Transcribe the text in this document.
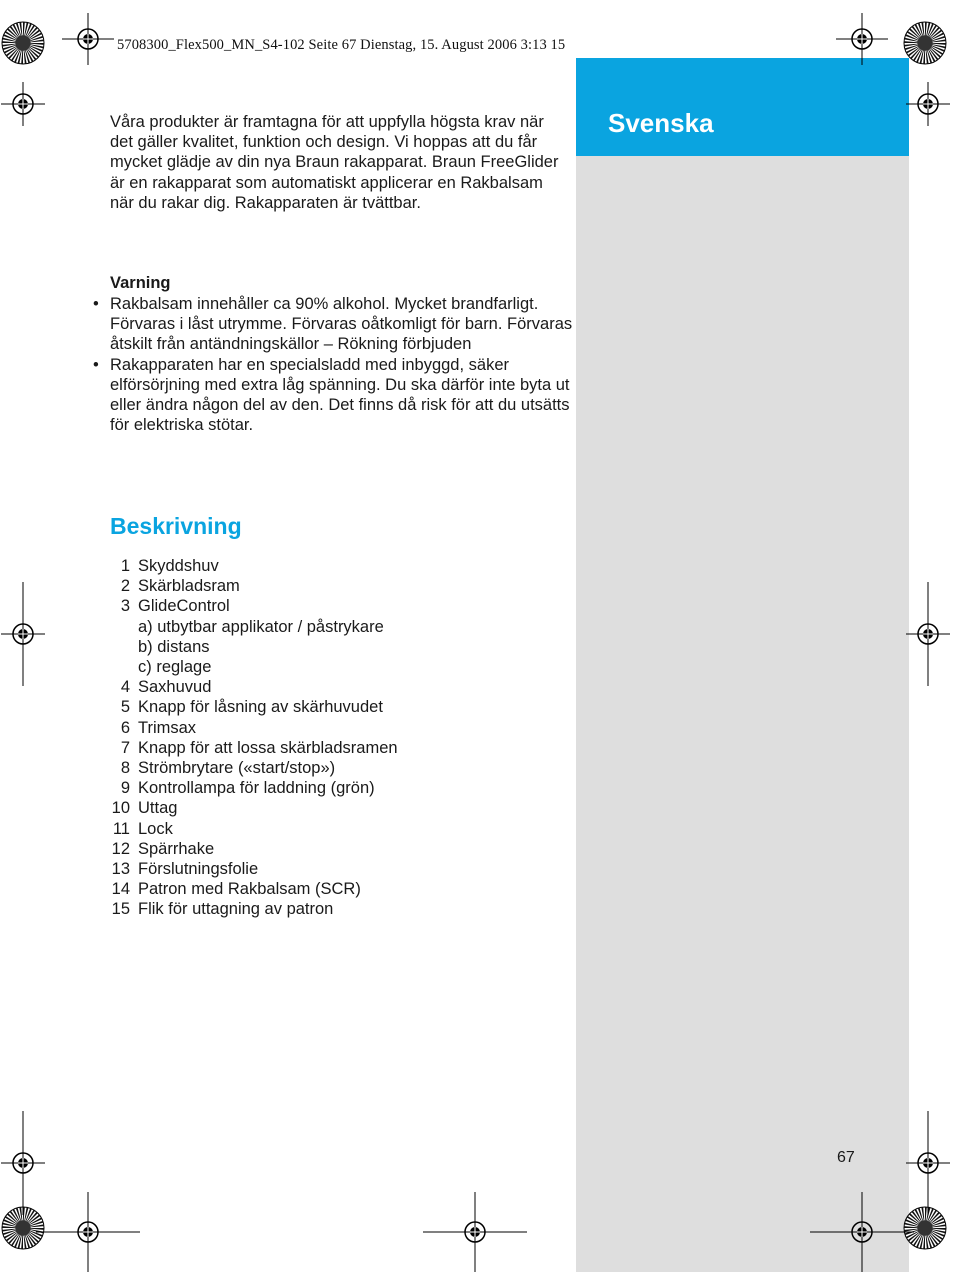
Svenska
5708300_Flex500_MN_S4-102 Seite 67 Dienstag, 15. August 2006 3:13 15

Våra produkter är framtagna för att uppfylla högsta krav när det gäller kvalitet, funktion och design. Vi hoppas att du får mycket glädje av din nya Braun rakapparat. Braun FreeGlider är en rakapparat som automatiskt applicerar en Rakbalsam när du rakar dig. Rakapparaten är tvättbar.

Varning
• Rakbalsam innehåller ca 90% alkohol. Mycket brandfarligt. Förvaras i låst utrymme. Förvaras oåtkomligt för barn. Förvaras åtskilt från antändningskällor – Rökning förbjuden
• Rakapparaten har en specialsladd med inbyggd, säker elförsörjning med extra låg spänning. Du ska därför inte byta ut eller ändra någon del av den. Det finns då risk för att du utsätts för elektriska stötar.
Beskrivning
1 Skyddshuv
2 Skärbladsram
3 GlideControl
a) utbytbar applikator / påstrykare
b) distans
c) reglage
4 Saxhuvud
5 Knapp för låsning av skärhuvudet
6 Trimsax
7 Knapp för att lossa skärbladsramen
8 Strömbrytare («start/stop»)
9 Kontrollampa för laddning (grön)
10 Uttag
11 Lock
12 Spärrhake
13 Förslutningsfolie
14 Patron med Rakbalsam (SCR)
15 Flik för uttagning av patron
67
